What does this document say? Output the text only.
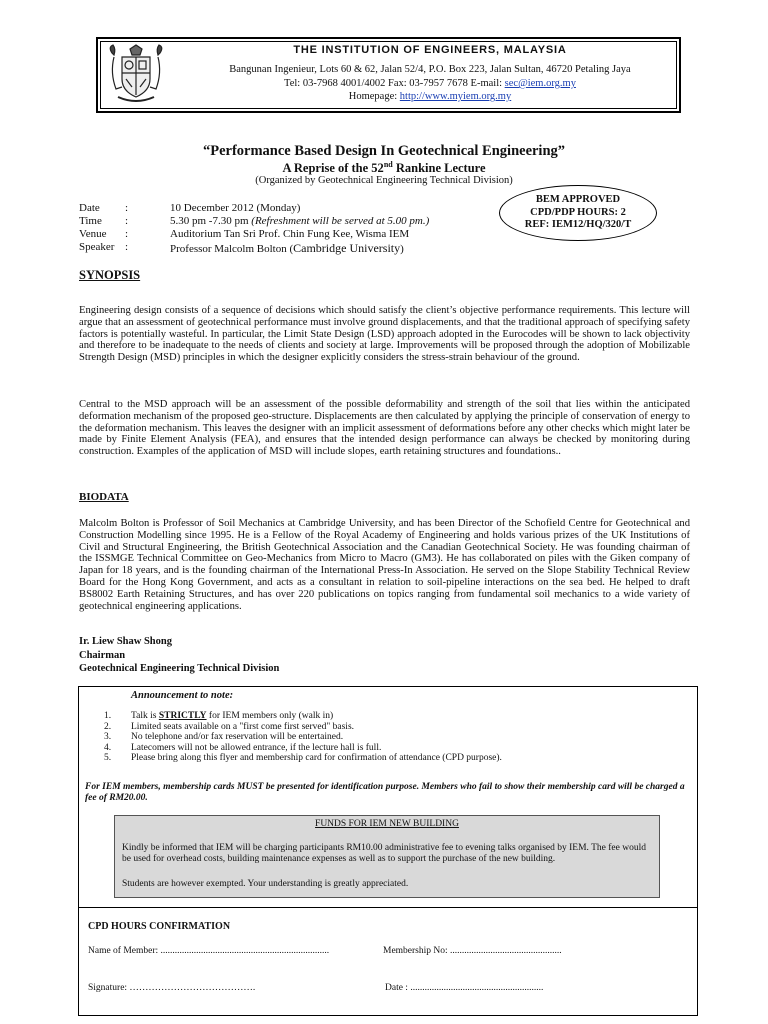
THE INSTITUTION OF ENGINEERS, MALAYSIA
Bangunan Ingenieur, Lots 60 & 62, Jalan 52/4, P.O. Box 223, Jalan Sultan, 46720 Petaling Jaya
Tel: 03-7968 4001/4002 Fax: 03-7957 7678 E-mail: sec@iem.org.my
Homepage: http://www.myiem.org.my
“Performance Based Design In Geotechnical Engineering”
A Reprise of the 52nd Rankine Lecture
(Organized by Geotechnical Engineering Technical Division)
BEM APPROVED
CPD/PDP HOURS: 2
REF: IEM12/HQ/320/T
Date	:	10 December 2012 (Monday)
Time	:	5.30 pm -7.30 pm (Refreshment will be served at 5.00 pm.)
Venue	:	Auditorium Tan Sri Prof. Chin Fung Kee, Wisma IEM
Speaker :	Professor Malcolm Bolton (Cambridge University)
SYNOPSIS
Engineering design consists of a sequence of decisions which should satisfy the client’s objective performance requirements. This lecture will argue that an assessment of geotechnical performance must involve ground displacements, and that the traditional approach of specifying safety factors is potentially wasteful. In particular, the Limit State Design (LSD) approach adopted in the Eurocodes will be shown to lack objectivity and therefore to be inadequate to the needs of clients and society at large. Improvements will be proposed through the adoption of Mobilizable Strength Design (MSD) principles in which the designer explicitly considers the stress-strain behaviour of the ground.
Central to the MSD approach will be an assessment of the possible deformability and strength of the soil that lies within the anticipated deformation mechanism of the proposed geo-structure. Displacements are then calculated by applying the principle of conservation of energy to the deformation mechanism. This leaves the designer with an implicit assessment of deformations before any other checks which might later be made by Finite Element Analysis (FEA), and ensures that the intended design performance can always be checked by monitoring during construction. Examples of the application of MSD will include slopes, earth retaining structures and foundations..
BIODATA
Malcolm Bolton is Professor of Soil Mechanics at Cambridge University, and has been Director of the Schofield Centre for Geotechnical and Construction Modelling since 1995. He is a Fellow of the Royal Academy of Engineering and holds various prizes of the UK Institutions of Civil and Structural Engineering, the British Geotechnical Association and the Canadian Geotechnical Society. He was founding chairman of the ISSMGE Technical Committee on Geo-Mechanics from Micro to Macro (GM3). He has collaborated on piles with the Giken company of Japan for 18 years, and is the founding chairman of the International Press-In Association. He served on the Slope Stability Technical Review Board for the Hong Kong Government, and acts as a consultant in relation to soil-pipeline interactions on the sea bed. He helped to draft BS8002 Earth Retaining Structures, and has over 220 publications on topics ranging from fundamental soil mechanics to a wide variety of geotechnical engineering applications.
Ir. Liew Shaw Shong
Chairman
Geotechnical Engineering Technical Division
Announcement to note:
1. Talk is STRICTLY for IEM members only (walk in)
2. Limited seats available on a "first come first served" basis.
3. No telephone and/or fax reservation will be entertained.
4. Latecomers will not be allowed entrance, if the lecture hall is full.
5. Please bring along this flyer and membership card for confirmation of attendance (CPD purpose).
For IEM members, membership cards MUST be presented for identification purpose. Members who fail to show their membership card will be charged a fee of RM20.00.
FUNDS FOR IEM NEW BUILDING
Kindly be informed that IEM will be charging participants RM10.00 administrative fee to evening talks organised by IEM. The fee would be used for overhead costs, building maintenance expenses as well as to support the purchase of the new building.
Students are however exempted. Your understanding is greatly appreciated.
CPD HOURS CONFIRMATION
Name of Member: .......................................................................	Membership No: ...............................................
Signature: ………………………………….	Date : ........................................................
